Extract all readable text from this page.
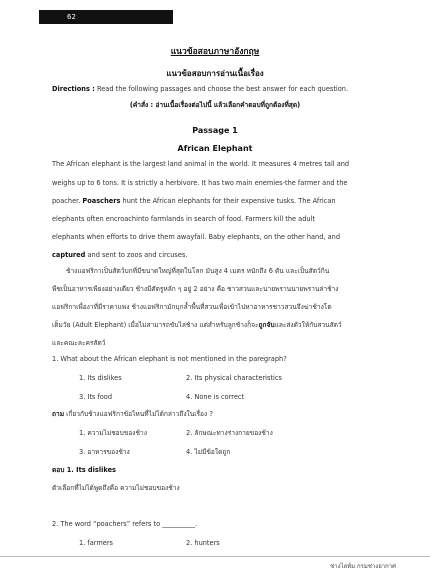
62
แนวข้อสอบภาษาอังกฤษ
แนวข้อสอบการอ่านเนื้อเรื่อง
Directions : Read the following passages and choose the best answer for each question.
(คำสั่ง : อ่านเนื้อเรื่องต่อไปนี้ แล้วเลือกคำตอบที่ถูกต้องที่สุด)
Passage 1
African Elephant
The African elephant is the largest land animal in the world. It measures 4 metres tall and
weighs up to 6 tons. It is strictly a herbivore. It has two main enemies-the farmer and the
poacher. Poaschers hunt the African elephants for their expensive tusks. The African
elephants often encroachinto farmlands in search of food. Farmers kill the adult
elephants when efforts to drive them awayfail. Baby elephants, on the other hand, and
captured and sent to zoos and circuses.
ช้างแอฟริกาเป็นสัตว์บกที่มีขนาดใหญ่ที่สุดในโลก มันสูง 4 เมตร หนักถึง 6 ตัน และเป็นสัตว์กิน
พืชเป็นอาหารเพียงอย่างเดียว ช้างมีศัตรูหลัก ๆ อยู่ 2 อย่าง คือ ชาวสวนและนายพรานนายพรานล่าช้าง
แอฟริกาเพื่องาที่มีราคาแพง ช้างแอฟริกามักบุกล้ำพื้นที่สวนเพื่อเข้าไปหาอาหารชาวสวนจึงฆ่าช้างโต
เต็มวัย (Adult Elephant) เมื่อไม่สามารถขับไล่ช้าง แต่สำหรับลูกช้างก็จะถูกจับและส่งตัวให้กับสวนสัตว์
และคณะละครสัตว์
1. What about the African elephant is not mentioned in the paregraph?
1. Its dislikes	2. Its physical characteristics
3. Its food	4. None is correct
ถาม เกี่ยวกับช้างแอฟริกาข้อไหนที่ไม่ได้กล่าวถึงในเรื่อง ?
1. ความไม่ชอบของช้าง	2. ลักษณะทางร่างกายของช้าง
3. อาหารของช้าง	4. ไม่มีข้อใดถูก
ตอบ 1. Its dislikes
ตัวเลือกที่ไม่ได้พูดถึงคือ ความไม่ชอบของช้าง
2. The word “poachers” refers to __________.
1. farmers	2. hunters
ช่างไลท์ม กรมช่างอากาศ
